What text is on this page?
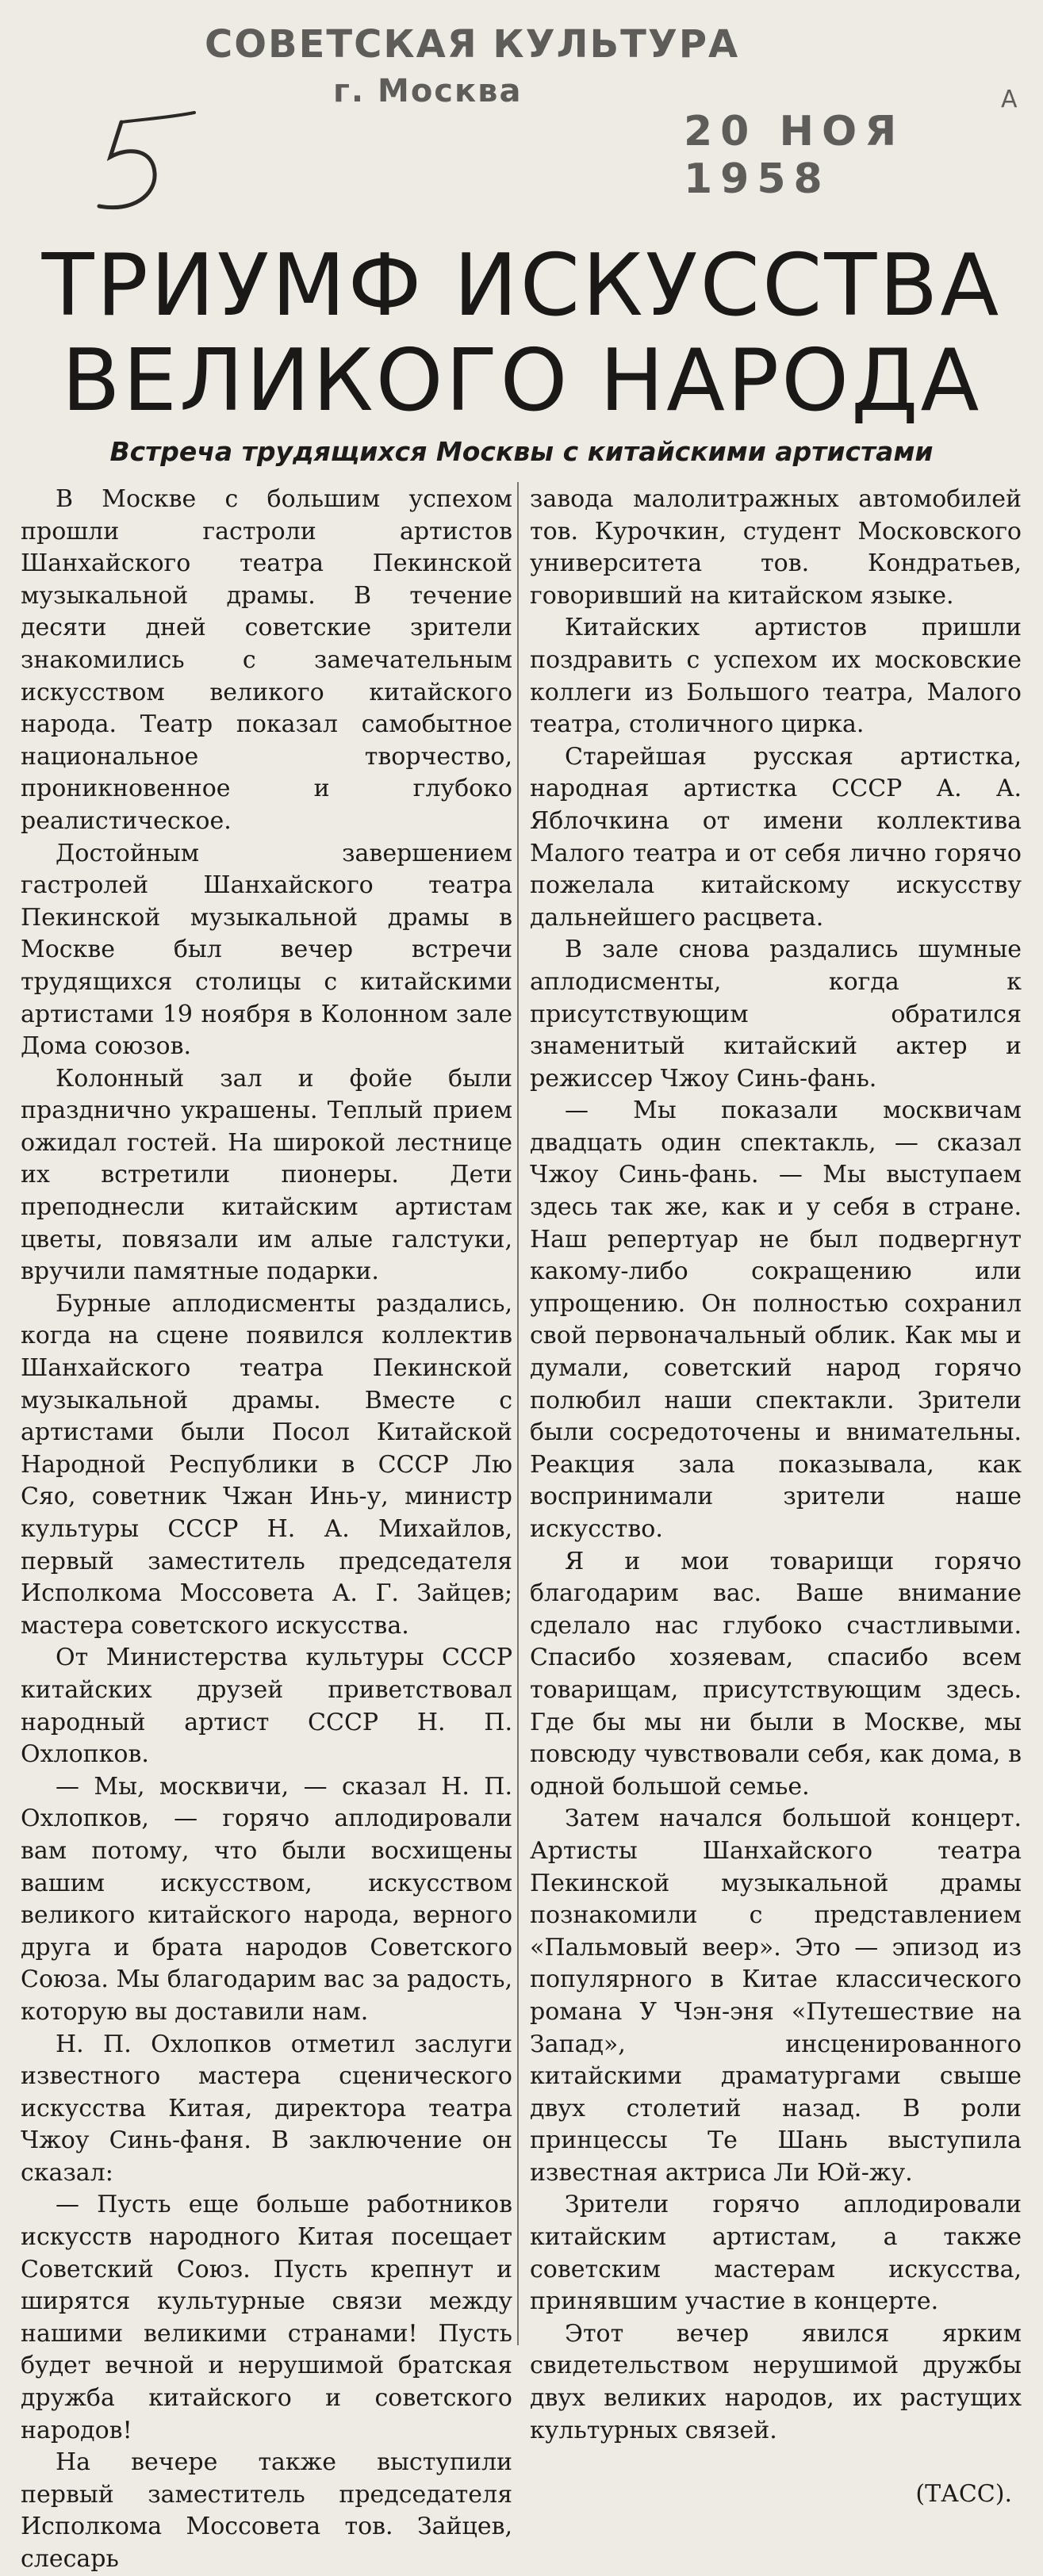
СОВЕТСКАЯ КУЛЬТУРА
г. Москва
20 НОЯ 1958
А
ТРИУМФ ИСКУССТВА
ВЕЛИКОГО НАРОДА
Встреча трудящихся Москвы с китайскими артистами

В Москве с большим успехом прошли гастроли артистов Шанхайского театра Пекинской музыкальной драмы. В течение десяти дней советские зрители знакомились с замечательным искусством великого китайского народа. Театр показал самобытное национальное творчество, проникновенное и глубоко реалистическое.

Достойным завершением гастролей Шанхайского театра Пекинской музыкальной драмы в Москве был вечер встречи трудящихся столицы с китайскими артистами 19 ноября в Колонном зале Дома союзов.

Колонный зал и фойе были празднично украшены. Теплый прием ожидал гостей. На широкой лестнице их встретили пионеры. Дети преподнесли китайским артистам цветы, повязали им алые галстуки, вручили памятные подарки.

Бурные аплодисменты раздались, когда на сцене появился коллектив Шанхайского театра Пекинской музыкальной драмы. Вместе с артистами были Посол Китайской Народной Республики в СССР Лю Сяо, советник Чжан Инь-у, министр культуры СССР Н. А. Михайлов, первый заместитель председателя Исполкома Моссовета А. Г. Зайцев; мастера советского искусства.

От Министерства культуры СССР китайских друзей приветствовал народный артист СССР Н. П. Охлопков.

— Мы, москвичи, — сказал Н. П. Охлопков, — горячо аплодировали вам потому, что были восхищены вашим искусством, искусством великого китайского народа, верного друга и брата народов Советского Союза. Мы благодарим вас за радость, которую вы доставили нам.

Н. П. Охлопков отметил заслуги известного мастера сценического искусства Китая, директора театра Чжоу Синь-фаня. В заключение он сказал:

— Пусть еще больше работников искусств народного Китая посещает Советский Союз. Пусть крепнут и ширятся культурные связи между нашими великими странами! Пусть будет вечной и нерушимой братская дружба китайского и советского народов!

На вечере также выступили первый заместитель председателя Исполкома Моссовета тов. Зайцев, слесарь

завода малолитражных автомобилей тов. Курочкин, студент Московского университета тов. Кондратьев, говоривший на китайском языке.

Китайских артистов пришли поздравить с успехом их московские коллеги из Большого театра, Малого театра, столичного цирка.

Старейшая русская артистка, народная артистка СССР А. А. Яблочкина от имени коллектива Малого театра и от себя лично горячо пожелала китайскому искусству дальнейшего расцвета.

В зале снова раздались шумные аплодисменты, когда к присутствующим обратился знаменитый китайский актер и режиссер Чжоу Синь-фань.

— Мы показали москвичам двадцать один спектакль, — сказал Чжоу Синь-фань. — Мы выступаем здесь так же, как и у себя в стране. Наш репертуар не был подвергнут какому-либо сокращению или упрощению. Он полностью сохранил свой первоначальный облик. Как мы и думали, советский народ горячо полюбил наши спектакли. Зрители были сосредоточены и внимательны. Реакция зала показывала, как воспринимали зрители наше искусство.

Я и мои товарищи горячо благодарим вас. Ваше внимание сделало нас глубоко счастливыми. Спасибо хозяевам, спасибо всем товарищам, присутствующим здесь. Где бы мы ни были в Москве, мы повсюду чувствовали себя, как дома, в одной большой семье.

Затем начался большой концерт. Артисты Шанхайского театра Пекинской музыкальной драмы познакомили с представлением «Пальмовый веер». Это — эпизод из популярного в Китае классического романа У Чэн-эня «Путешествие на Запад», инсценированного китайскими драматургами свыше двух столетий назад. В роли принцессы Те Шань выступила известная актриса Ли Юй-жу.

Зрители горячо аплодировали китайским артистам, а также советским мастерам искусства, принявшим участие в концерте.

Этот вечер явился ярким свидетельством нерушимой дружбы двух великих народов, их растущих культурных связей.

(ТАСС).
